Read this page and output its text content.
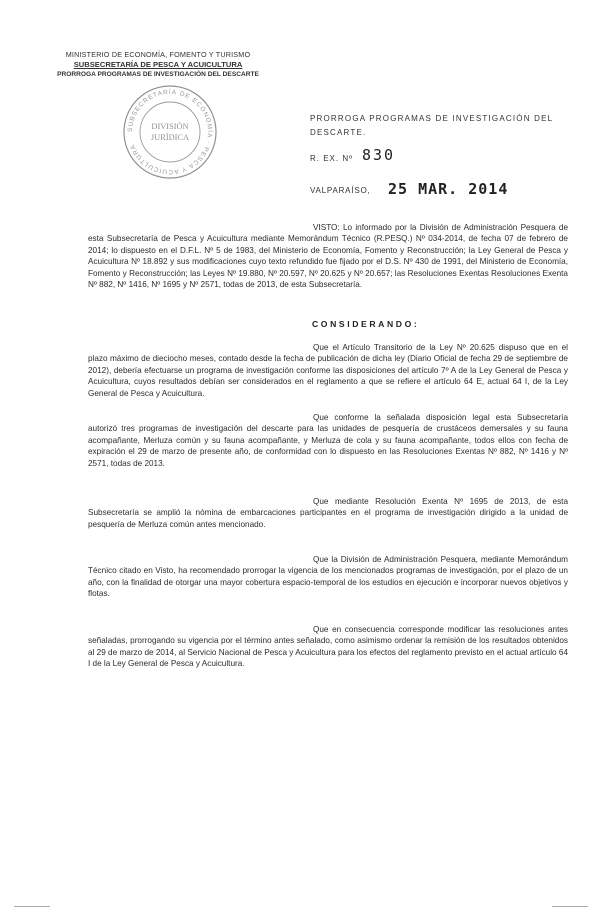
MINISTERIO DE ECONOMÍA, FOMENTO Y TURISMO
SUBSECRETARÍA DE PESCA Y ACUICULTURA
PRORROGA PROGRAMAS DE INVESTIGACIÓN DEL DESCARTE
SUBSECRETARÍA DE ECONOMÍA · PESCA Y ACUICULTURA
DIVISIÓN
JURÍDICA
PRORROGA PROGRAMAS DE INVESTIGACIÓN DEL DESCARTE.
R. EX. Nº 830
VALPARAÍSO, 25 MAR. 2014
VISTO: Lo informado por la División de Administración Pesquera de esta Subsecretaría de Pesca y Acuicultura mediante Memorándum Técnico (R.PESQ.) Nº 034-2014, de fecha 07 de febrero de 2014; lo dispuesto en el D.F.L. Nº 5 de 1983, del Ministerio de Economía, Fomento y Reconstrucción; la Ley General de Pesca y Acuicultura Nº 18.892 y sus modificaciones cuyo texto refundido fue fijado por el D.S. Nº 430 de 1991, del Ministerio de Economía, Fomento y Reconstrucción; las Leyes Nº 19.880, Nº 20.597, Nº 20.625 y Nº 20.657; las Resoluciones Exentas Resoluciones Exenta Nº 882, Nº 1416, Nº 1695 y Nº 2571, todas de 2013, de esta Subsecretaría.
CONSIDERANDO:
Que el Artículo Transitorio de la Ley Nº 20.625 dispuso que en el plazo máximo de dieciocho meses, contado desde la fecha de publicación de dicha ley (Diario Oficial de fecha 29 de septiembre de 2012), debería efectuarse un programa de investigación conforme las disposiciones del artículo 7º A de la Ley General de Pesca y Acuicultura, cuyos resultados debían ser considerados en el reglamento a que se refiere el artículo 64 E, actual 64 I, de la Ley General de Pesca y Acuicultura.
Que conforme la señalada disposición legal esta Subsecretaría autorizó tres programas de investigación del descarte para las unidades de pesquería de crustáceos demersales y su fauna acompañante, Merluza común y su fauna acompañante, y Merluza de cola y su fauna acompañante, todos ellos con fecha de expiración el 29 de marzo de presente año, de conformidad con lo dispuesto en las Resoluciones Exentas Nº 882, Nº 1416 y Nº 2571, todas de 2013.
Que mediante Resolución Exenta Nº 1695 de 2013, de esta Subsecretaría se amplió la nómina de embarcaciones participantes en el programa de investigación dirigido a la unidad de pesquería de Merluza común antes mencionado.
Que la División de Administración Pesquera, mediante Memorándum Técnico citado en Visto, ha recomendado prorrogar la vigencia de los mencionados programas de investigación, por el plazo de un año, con la finalidad de otorgar una mayor cobertura espacio-temporal de los estudios en ejecución e incorporar nuevos objetivos y flotas.
Que en consecuencia corresponde modificar las resoluciones antes señaladas, prorrogando su vigencia por el término antes señalado, como asimismo ordenar la remisión de los resultados obtenidos al 29 de marzo de 2014, al Servicio Nacional de Pesca y Acuicultura para los efectos del reglamento previsto en el actual artículo 64 I de la Ley General de Pesca y Acuicultura.
